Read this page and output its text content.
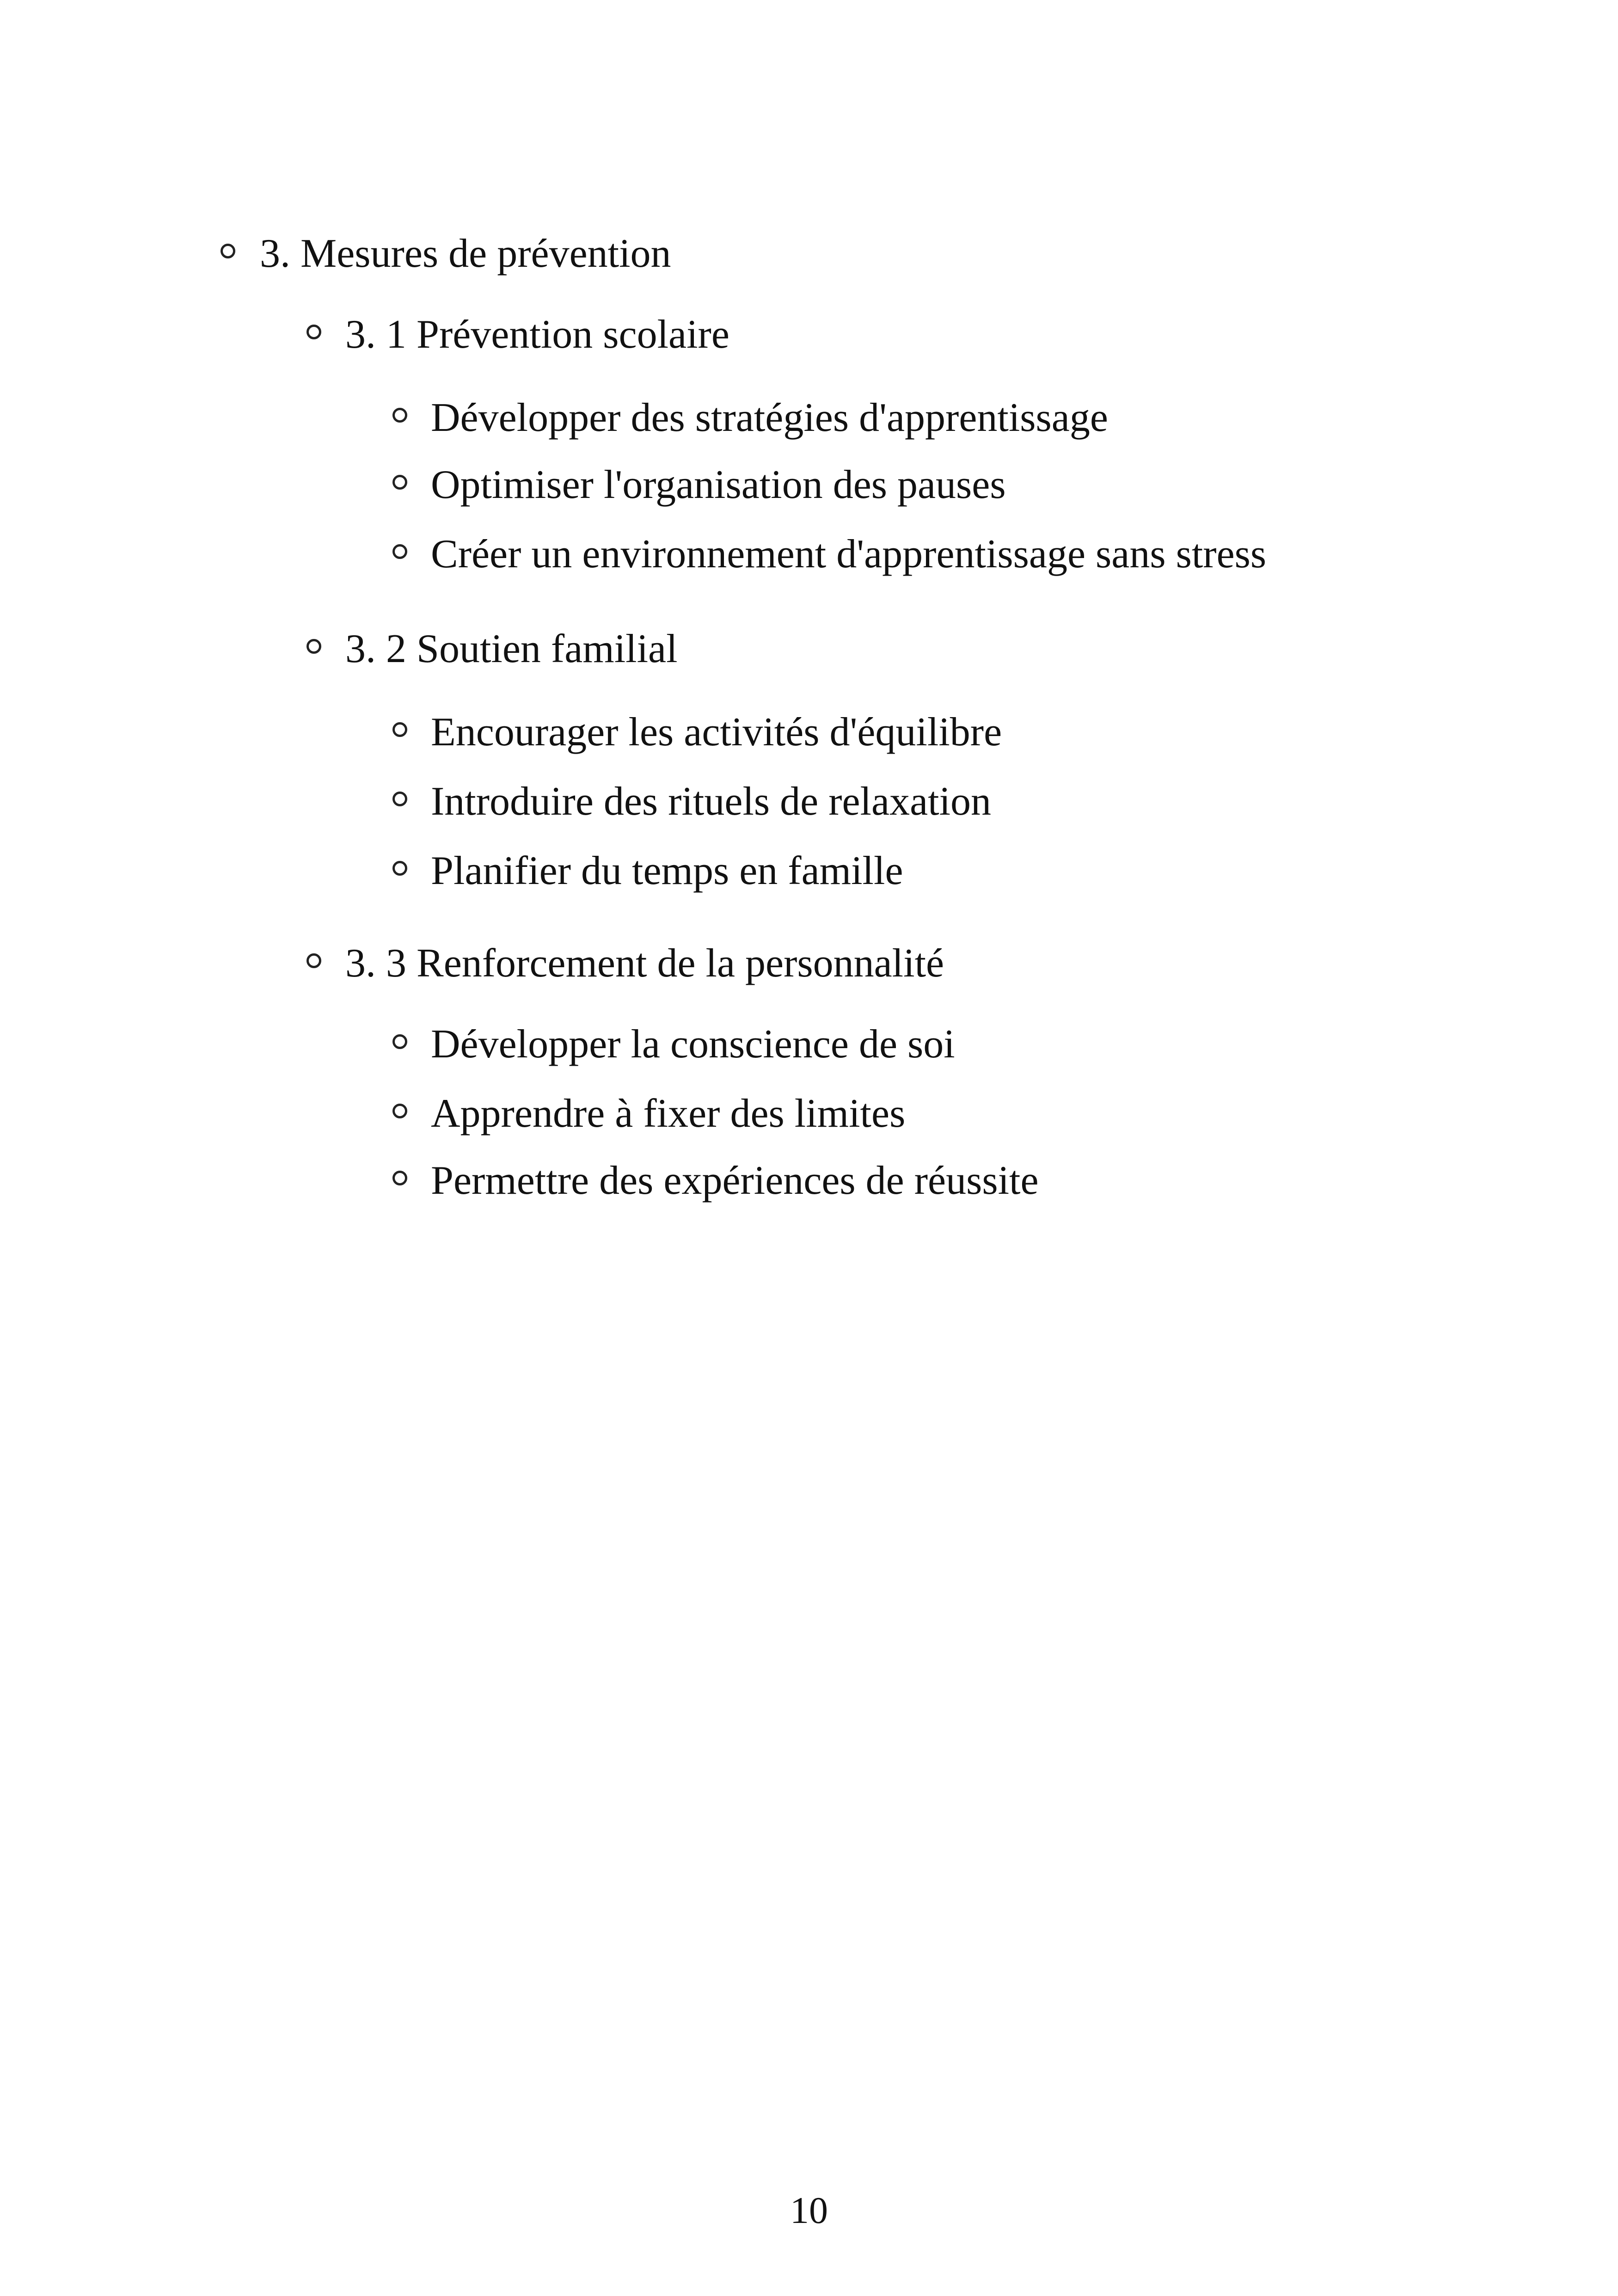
3. Mesures de prévention
3. 1 Prévention scolaire
Développer des stratégies d'apprentissage
Optimiser l'organisation des pauses
Créer un environnement d'apprentissage sans stress
3. 2 Soutien familial
Encourager les activités d'équilibre
Introduire des rituels de relaxation
Planifier du temps en famille
3. 3 Renforcement de la personnalité
Développer la conscience de soi
Apprendre à fixer des limites
Permettre des expériences de réussite
10
